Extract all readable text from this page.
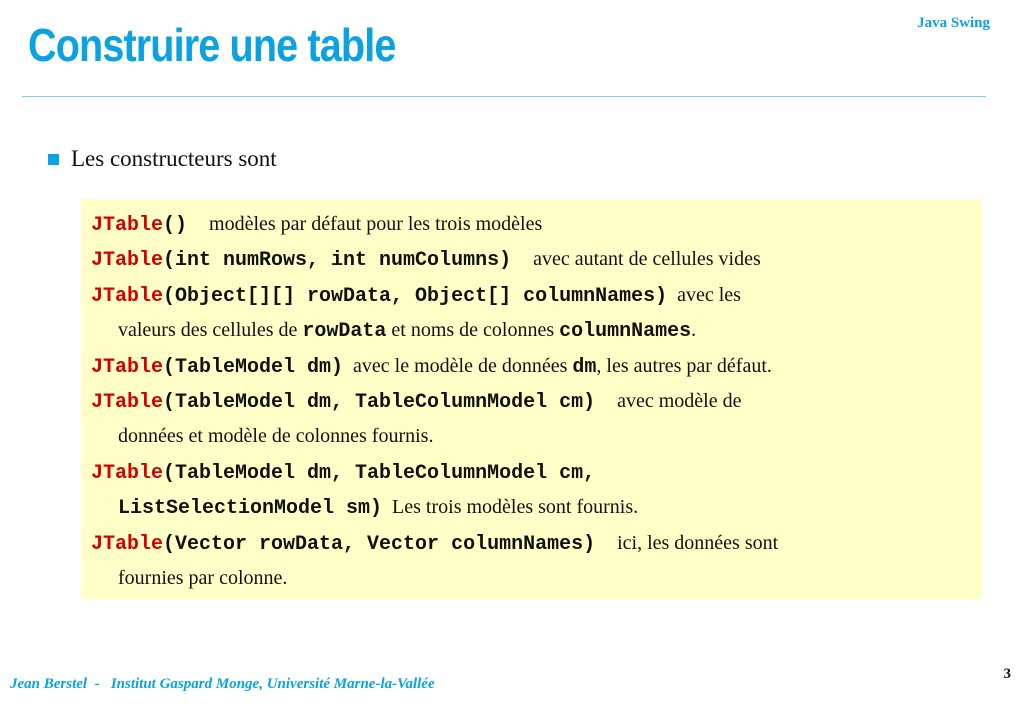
Java Swing
Construire une table
Les constructeurs sont
JTable() modèles par défaut pour les trois modèles
JTable(int numRows, int numColumns) avec autant de cellules vides
JTable(Object[][] rowData, Object[] columnNames) avec les
valeurs des cellules de rowData et noms de colonnes columnNames.
JTable(TableModel dm) avec le modèle de données dm, les autres par défaut.
JTable(TableModel dm, TableColumnModel cm) avec modèle de
données et modèle de colonnes fournis.
JTable(TableModel dm, TableColumnModel cm,
ListSelectionModel sm) Les trois modèles sont fournis.
JTable(Vector rowData, Vector columnNames) ici, les données sont
fournies par colonne.
Jean Berstel  -   Institut Gaspard Monge, Université Marne-la-Vallée
3
